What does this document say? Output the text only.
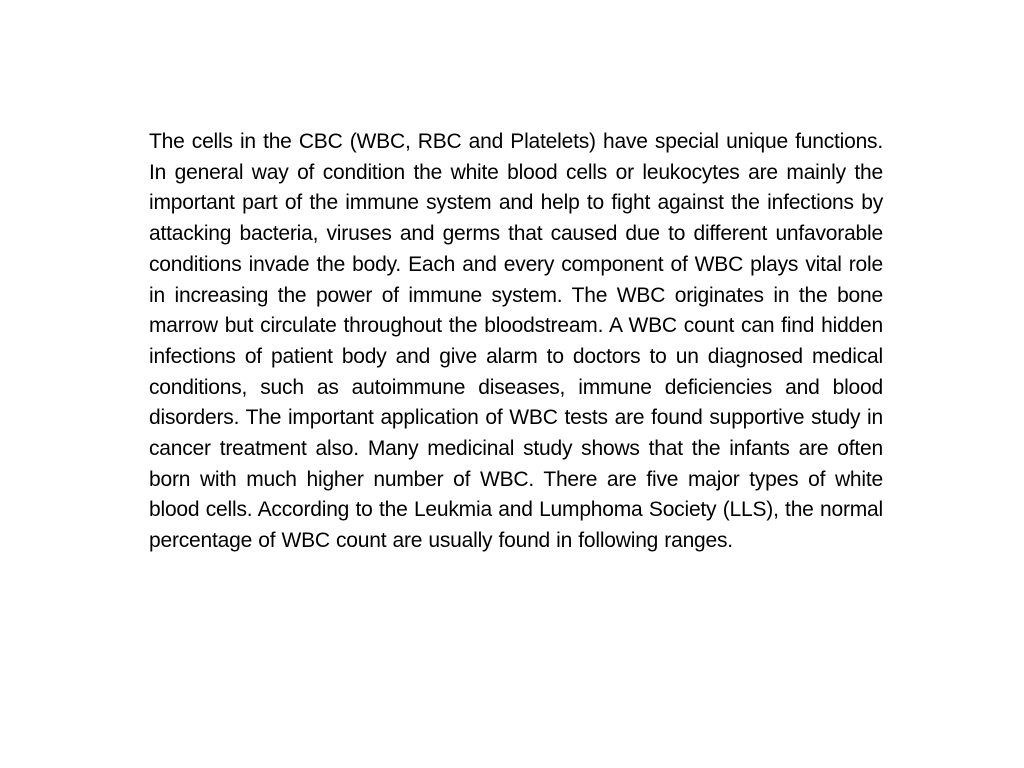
The cells in the CBC (WBC, RBC and Platelets) have special unique functions. In general way of condition the white blood cells or leukocytes are mainly the important part of the immune system and help to fight against the infections by attacking bacteria, viruses and germs that caused due to different unfavorable conditions invade the body. Each and every component of WBC plays vital role in increasing the power of immune system. The WBC originates in the bone marrow but circulate throughout the bloodstream. A WBC count can find hidden infections of patient body and give alarm to doctors to un diagnosed medical conditions, such as autoimmune diseases, immune deficiencies and blood disorders. The important application of WBC tests are found supportive study in cancer treatment also. Many medicinal study shows that the infants are often born with much higher number of WBC. There are five major types of white blood cells. According to the Leukmia and Lumphoma Society (LLS), the normal percentage of WBC count are usually found in following ranges.
